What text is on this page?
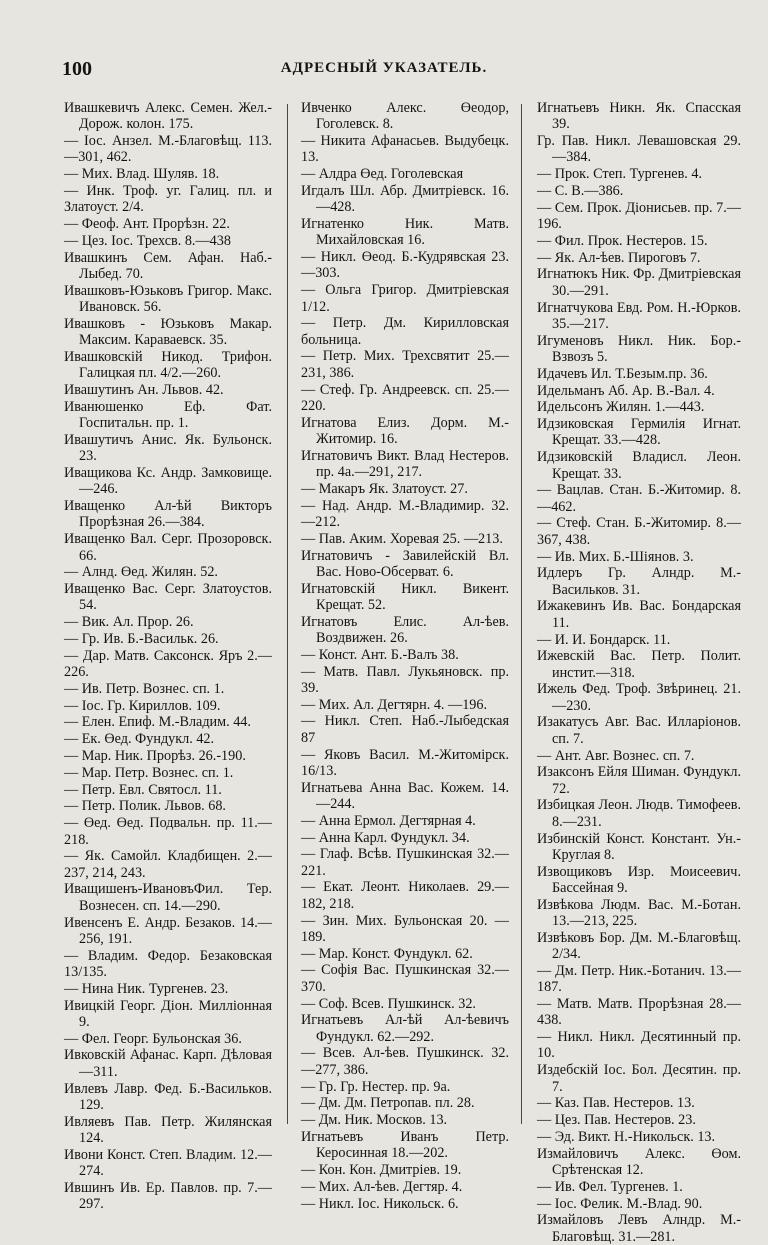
100	АДРЕСНЫЙ УКАЗАТЕЛЬ.
Ивашкевичъ Алекс. Семен. Жел.-Дорож. колон. 175.
— Іос. Анзел. М.-Благовѣщ. 113.—301, 462.
— Мих. Влад. Шуляв. 18.
— Инк. Троф. уг. Галиц. пл. и Златоуст. 2/4.
— Феоф. Ант. Прорѣзн. 22.
— Цез. Іос. Трехсв. 8.—438
Ивашкинъ Сем. Афан. Наб.-Лыбед. 70.
Ивашковъ-Юзьковъ Григор. Макс. Ивановск. 56.
Ивашковъ - Юзьковъ Макар. Максим. Караваевск. 35.
Ивашковскій Никод. Трифон. Галицкая пл. 4/2.—260.
Ивашутинъ Ан. Львов. 42.
Иванюшенко Еф. Фат. Госпитальн. пр. 1.
Ивашутичъ Анис. Як. Бульонск. 23.
Иващикова Кс. Андр. Замковище.—246.
Иващенко Ал-ѣй Викторъ Прорѣзная 26.—384.
Иващенко Вал. Серг. Прозоровск. 66.
— Алнд. Өед. Жилян. 52.
Иващенко Вас. Серг. Златоустов. 54.
— Вик. Ал. Прор. 26.
— Гр. Ив. Б.-Васильк. 26.
— Дар. Матв. Саксонск. Яръ 2.—226.
— Ив. Петр. Вознес. сп. 1.
— Іос. Гр. Кириллов. 109.
— Елен. Епиф. М.-Владим. 44.
— Ек. Өед. Фундукл. 42.
— Мар. Ник. Прорѣз. 26.-190.
— Мар. Петр. Вознес. сп. 1.
— Петр. Евл. Святосл. 11.
— Петр. Полик. Львов. 68.
— Өед. Өед. Подвальн. пр. 11.—218.
— Як. Самойл. Кладбищен. 2.—237, 214, 243.
Иващишенъ-ИвановъФил. Тер. Вознесен. сп. 14.—290.
Ивенсенъ Е. Андр. Безаков. 14.—256, 191.
— Владим. Федор. Безаковская 13/135.
— Нина Ник. Тургенев. 23.
Ивицкій Георг. Діон. Милліонная 9.
— Фел. Георг. Бульонская 36.
Ивковскій Афанас. Карп. Дѣловая—311.
Ивлевъ Лавр. Фед. Б.-Васильков. 129.
Ивляевъ Пав. Петр. Жилянская 124.
Ивони Конст. Степ. Владим. 12.—274.
Ившинъ Ив. Ер. Павлов. пр. 7.—297.
Ивченко Алекс. Өеодор, Гоголевск. 8.
— Никита Афанасьев. Выдубецк. 13.
— Алдра Өед. Гоголевская
Игдалъ Шл. Абр. Дмитріевск. 16.—428.
Игнатенко Ник. Матв. Михайловская 16.
— Никл. Өеод. Б.-Кудрявская 23.—303.
— Ольга Григор. Дмитріевская 1/12.
— Петр. Дм. Кирилловская больница.
— Петр. Мих. Трехсвятит 25.—231, 386.
— Стеф. Гр. Андреевск. сп. 25.—220.
Игнатова Елиз. Дорм. М.-Житомир. 16.
Игнатовичъ Викт. Влад Нестеров. пр. 4а.—291, 217.
— Макаръ Як. Златоуст. 27.
— Над. Андр. М.-Владимир. 32.—212.
— Пав. Аким. Хоревая 25. —213.
Игнатовичъ - Завилейскій Вл. Вас. Ново-Обсерват. 6.
Игнатовскій Никл. Викент. Крещат. 52.
Игнатовъ Елис. Ал-ѣев. Воздвижен. 26.
— Конст. Ант. Б.-Валъ 38.
— Матв. Павл. Лукьяновск. пр. 39.
— Мих. Ал. Дегтярн. 4. —196.
— Никл. Степ. Наб.-Лыбедская 87
— Яковъ Васил. М.-Житомірск. 16/13.
Игнатьева Анна Вас. Кожем. 14.—244.
— Анна Ермол. Дегтярная 4.
— Анна Карл. Фундукл. 34.
— Глаф. Всѣв. Пушкинская 32.—221.
— Екат. Леонт. Николаев. 29.—182, 218.
— Зин. Мих. Бульонская 20. —189.
— Мар. Конст. Фундукл. 62.
— Софія Вас. Пушкинская 32.—370.
— Соф. Всев. Пушкинск. 32.
Игнатьевъ Ал-ѣй Ал-ѣевичъ Фундукл. 62.—292.
— Всев. Ал-ѣев. Пушкинск. 32. —277, 386.
— Гр. Гр. Нестер. пр. 9а.
— Дм. Дм. Петропав. пл. 28.
— Дм. Ник. Москов. 13.
Игнатьевъ Иванъ Петр. Керосинная 18.—202.
— Кон. Кон. Дмитріев. 19.
— Мих. Ал-ѣев. Дегтяр. 4.
— Никл. Іос. Никольск. 6.
Игнатьевъ Никн. Як. Спасская 39.
Гр. Пав. Никл. Левашовская 29.—384.
— Прок. Степ. Тургенев. 4.
— С. В.—386.
— Сем. Прок. Діонисьев. пр. 7.—196.
— Фил. Прок. Нестеров. 15.
— Як. Ал-ѣев. Пироговъ 7.
Игнатюкъ Ник. Фр. Дмитріевская 30.—291.
Игнатчукова Евд. Ром. Н.-Юрков. 35.—217.
Игуменовъ Никл. Ник. Бор.-Взвозъ 5.
Идачевъ Ил. Т.Безым.пр. 36.
Идельманъ Аб. Ар. В.-Вал. 4.
Идельсонъ Жилян. 1.—443.
Идзиковская Гермилія Игнат. Крещат. 33.—428.
Идзиковскій Владисл. Леон. Крещат. 33.
— Вацлав. Стан. Б.-Житомир. 8.—462.
— Стеф. Стан. Б.-Житомир. 8.—367, 438.
— Ив. Мих. Б.-Шіянов. 3.
Идлеръ Гр. Алндр. М.-Васильков. 31.
Ижакевинъ Ив. Вас. Бондарская 11.
— И. И. Бондарск. 11.
Ижевскій Вас. Петр. Полит. инстит.—318.
Ижель Фед. Троф. Звѣринец. 21.—230.
Изакатусъ Авг. Вас. Илларіонов. сп. 7.
— Ант. Авг. Вознес. сп. 7.
Изаксонъ Ейля Шиман. Фундукл. 72.
Избицкая Леон. Людв. Тимофеев. 8.—231.
Избинскій Конст. Констант. Ун.-Круглая 8.
Извощиковъ Изр. Моисеевич. Бассейная 9.
Извѣкова Людм. Вас. М.-Ботан. 13.—213, 225.
Извѣковъ Бор. Дм. М.-Благовѣщ. 2/34.
— Дм. Петр. Ник.-Ботанич. 13.—187.
— Матв. Матв. Прорѣзная 28.—438.
— Никл. Никл. Десятинный пр. 10.
Издебскій Іос. Бол. Десятин. пр. 7.
— Каз. Пав. Нестеров. 13.
— Цез. Пав. Нестеров. 23.
— Эд. Викт. Н.-Никольск. 13.
Измайловичъ Алекс. Өом. Срѣтенская 12.
— Ив. Фел. Тургенев. 1.
— Іос. Фелик. М.-Влад. 90.
Измайловъ Левъ Алндр. М.-Благовѣщ. 31.—281.
